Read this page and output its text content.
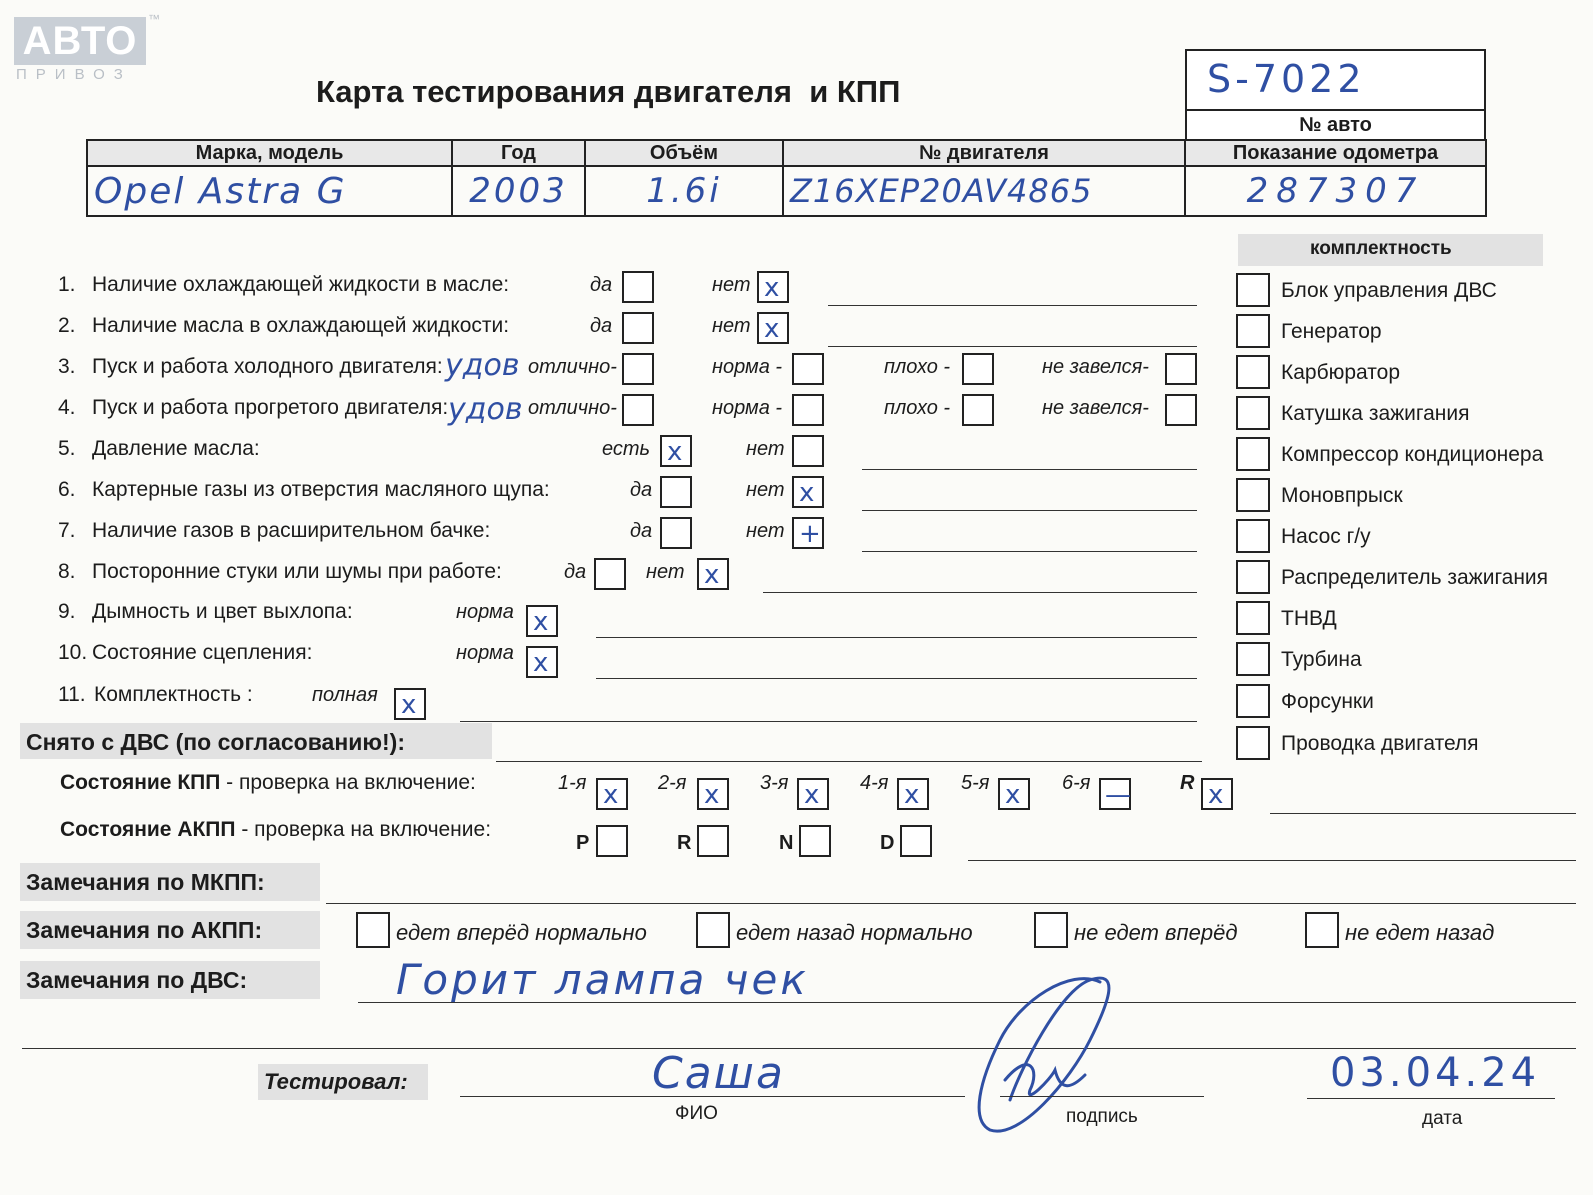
АВТО ™
ПРИВОЗ	Карта тестирования двигателя  и КПП	S-7022
№ авто
Марка, модель	Год	Объём	№ двигателя	Показание одометра
Opel Astra G	2003	1.6i	Z16XEP20AV4865	287307
1. Наличие охлаждающей жидкости в масле:	да	нет x
2. Наличие масла в охлаждающей жидкости:	да	нет x
3. Пуск и работа холодного двигателя: удов отлично-	норма -	плохо -	не завелся-
4. Пуск и работа прогретого двигателя: удов отлично-	норма -	плохо -	не завелся-
5. Давление масла:	есть x	нет
6. Картерные газы из отверстия масляного щупа:	да	нет x
7. Наличие газов в расширительном бачке:	да	нет +
8. Посторонние стуки или шумы при работе:	да	нет x
9. Дымность и цвет выхлопа:	норма x
10. Состояние сцепления:	норма x
11. Комплектность :	полная x
комплектность
Блок управления ДВС
Генератор
Карбюратор
Катушка зажигания
Компрессор кондиционера
Моновпрыск
Насос г/у
Распределитель зажигания
ТНВД
Турбина
Форсунки
Проводка двигателя
Снято с ДВС (по согласованию!):
Состояние КПП - проверка на включение:	1-я x 2-я x 3-я x 4-я x 5-я x 6-я — R x
Состояние АКПП - проверка на включение:
P	R	N	D
Замечания по МКПП:
Замечания по АКПП:	едет вперёд нормально	едет назад нормально	не едет вперёд	не едет назад
Замечания по ДВС:	Горит лампа чек
Тестировал:	Саша
ФИО	подпись
03.04.24
дата
